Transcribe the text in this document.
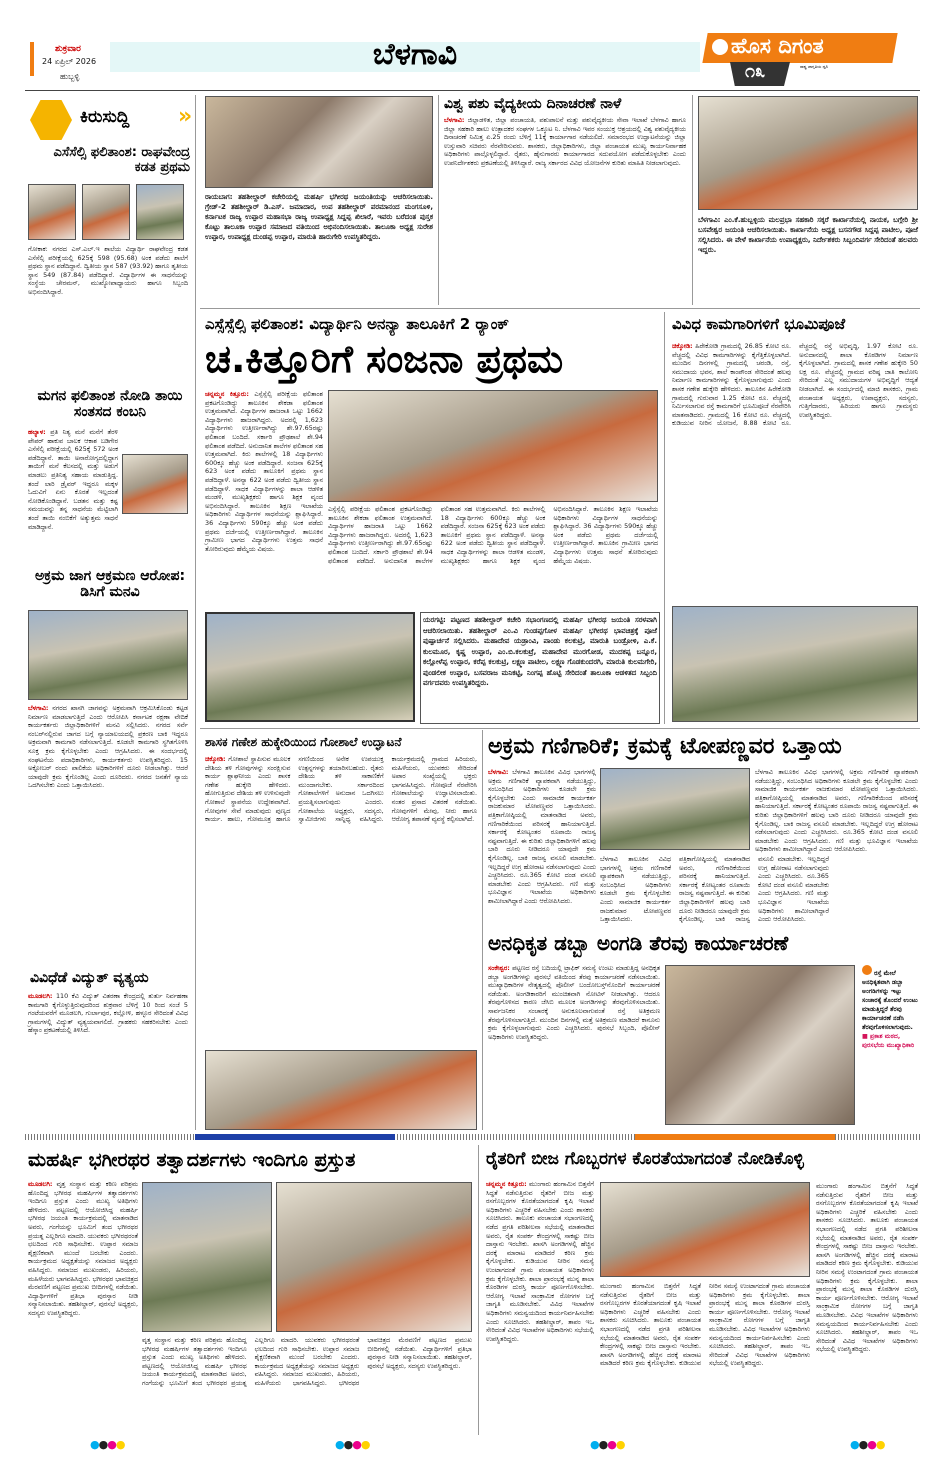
ಶುಕ್ರವಾರ
24 ಏಪ್ರಿಲ್ 2026
ಹುಬ್ಬಳ್ಳಿ
ಬೆಳಗಾವಿ	ಹೊಸ ದಿಗಂತ
ರಾಷ್ಟ್ರ ಜಾಗೃತಿಯ ಧ್ವನಿ
೧೩
ಕಿರುಸುದ್ದಿ »
ಎಸೆಸೆಲ್ಸಿ ಫಲಿತಾಂಶ: ರಾಘವೇಂದ್ರ ಕಡತ ಪ್ರಥಮ
ಗೋಕಾಕ: ನಗರದ ಎಸ್.ಎಲ್.ಇ ಶಾಲೆಯ ವಿದ್ಯಾರ್ಥಿ ರಾಘವೇಂದ್ರ ಕಡತ ಎಸೆಸೆಲ್ಸಿ ಪರೀಕ್ಷೆಯಲ್ಲಿ 625ಕ್ಕೆ 598 (95.68) ಅಂಕ ಪಡೆದು ಶಾಲೆಗೆ ಪ್ರಥಮ ಸ್ಥಾನ ಪಡೆದಿದ್ದಾನೆ. ದ್ವಿತೀಯ ಸ್ಥಾನ 587 (93.92) ಹಾಗೂ ತೃತೀಯ ಸ್ಥಾನ 549 (87.84) ಪಡೆದಿದ್ದಾರೆ. ವಿದ್ಯಾರ್ಥಿಗಳ ಈ ಸಾಧನೆಯನ್ನು ಸಂಸ್ಥೆಯ ಚೇರಮನ್, ಮುಖ್ಯೋಪಾಧ್ಯಾಯರು ಹಾಗೂ ಸಿಬ್ಬಂದಿ ಅಭಿನಂದಿಸಿದ್ದಾರೆ.
ಮಗನ ಫಲಿತಾಂಶ ನೋಡಿ ತಾಯಿ ಸಂತಸದ ಕಂಬನಿ
ಹಲ್ಯಾಳ: ಪ್ರತಿ ನಿತ್ಯ ಮನೆ ಮನೆಗೆ ತೆರಳಿ ಪೇಪರ್ ಹಾಕುವ ಬಾಲಕ ಆಕಾಶ ಬಡಿಗೇರ ಎಸೆಸೆಲ್ಸಿ ಪರೀಕ್ಷೆಯಲ್ಲಿ 625ಕ್ಕೆ 572 ಅಂಕ ಪಡೆದಿದ್ದಾನೆ. ತಾಯಿ ಅನಾರೋಗ್ಯದಲ್ಲಿದ್ದಾಗ ತಾಯಿಗೆ ಮನೆ ಕೆಲಸದಲ್ಲಿ ಮತ್ತು ಅಡುಗೆ ಮಾಡಲು ಪ್ರತಿನಿತ್ಯ ಸಹಾಯ ಮಾಡುತ್ತಿದ್ದ. ತಂದೆ ಲಾರಿ ಡ್ರೈವರ್ ಇದ್ದರೂ ಮಕ್ಕಳ ಓದುವಿಗೆ ಏನು ಕೊರತೆ ಇಲ್ಲದಂತೆ ನೋಡಿಕೊಂಡಿದ್ದಾನೆ. ಬಡತನ ಮತ್ತು ಕಷ್ಟ ಸಮಯವನ್ನು ತನ್ನ ಸಾಧನೆಯ ಮೆಟ್ಟಿಲಾಗಿ ತಂದೆ ತಾಯಿ ನಂಬಿಕೆಗೆ ಅತ್ಯುತ್ತಮ ಸಾಧನೆ ಮಾಡಿದ್ದಾನೆ.
ಅಕ್ರಮ ಜಾಗ ಆಕ್ರಮಣ ಆರೋಪ: ಡಿಸಿಗೆ ಮನವಿ
ಬೆಳಗಾವಿ: ನಗರದ ಖಾಸಗಿ ಜಾಗವನ್ನು ಅಕ್ರಮವಾಗಿ ಆಕ್ರಮಿಸಿಕೊಂಡು ಕಟ್ಟಡ ನಿರ್ಮಾಣ ಮಾಡಲಾಗುತ್ತಿದೆ ಎಂದು ಆರೋಪಿಸಿ ಕರ್ನಾಟಕ ರಕ್ಷಣಾ ವೇದಿಕೆ ಕಾರ್ಯಕರ್ತರು ಜಿಲ್ಲಾಧಿಕಾರಿಗಳಿಗೆ ಮನವಿ ಸಲ್ಲಿಸಿದರು. ನಗರದ ಸರ್ವೆ ನಂಬರ್‌ನಲ್ಲಿರುವ ಜಾಗದ ಬಗ್ಗೆ ನ್ಯಾಯಾಲಯದಲ್ಲಿ ಪ್ರಕರಣ ಬಾಕಿ ಇದ್ದರೂ ಅಕ್ರಮವಾಗಿ ಕಾಮಗಾರಿ ನಡೆಸಲಾಗುತ್ತಿದೆ. ಕೂಡಲೇ ಕಾಮಗಾರಿ ಸ್ಥಗಿತಗೊಳಿಸಿ ಸೂಕ್ತ ಕ್ರಮ ಕೈಗೊಳ್ಳಬೇಕು ಎಂದು ಆಗ್ರಹಿಸಿದರು. ಈ ಸಂದರ್ಭದಲ್ಲಿ ಸಂಘಟನೆಯ ಪದಾಧಿಕಾರಿಗಳು, ಕಾರ್ಯಕರ್ತರು ಉಪಸ್ಥಿತರಿದ್ದರು. 15 ಅಕ್ಟೋಬರ್ ರಂದು ಪಾಲಿಕೆಯ ಅಧಿಕಾರಿಗಳಿಗೆ ದೂರು ನೀಡಲಾಗಿತ್ತು. ಆದರೆ ಯಾವುದೇ ಕ್ರಮ ಕೈಗೊಂಡಿಲ್ಲ ಎಂದು ದೂರಿದರು. ನಗರದ ಜನತೆಗೆ ನ್ಯಾಯ ಒದಗಿಸಬೇಕು ಎಂದು ಒತ್ತಾಯಿಸಿದರು.
ವಿವಿಧೆಡೆ ವಿದ್ಯುತ್ ವ್ಯತ್ಯಯ
ಮೂಡಲಗಿ: 110 ಕೆವಿ ವಿದ್ಯುತ್ ವಿತರಣಾ ಕೇಂದ್ರದಲ್ಲಿ ತುರ್ತು ನಿರ್ವಹಣಾ ಕಾಮಗಾರಿ ಕೈಗೊಳ್ಳುತ್ತಿರುವುದರಿಂದ ಶುಕ್ರವಾರ ಬೆಳಿಗ್ಗೆ 10 ರಿಂದ ಸಂಜೆ 5 ಗಂಟೆಯವರೆಗೆ ಮೂಡಲಗಿ, ಗುರ್ಲಾಪುರ, ಕಲ್ಲೋಳಿ, ಹಳ್ಳೂರ ಸೇರಿದಂತೆ ವಿವಿಧ ಗ್ರಾಮಗಳಲ್ಲಿ ವಿದ್ಯುತ್ ವ್ಯತ್ಯಯವಾಗಲಿದೆ. ಗ್ರಾಹಕರು ಸಹಕರಿಸಬೇಕು ಎಂದು ಹೆಸ್ಕಾಂ ಪ್ರಕಟಣೆಯಲ್ಲಿ ತಿಳಿಸಿದೆ.
ರಾಯಬಾಗ: ತಹಶೀಲ್ದಾರ್ ಕಚೇರಿಯಲ್ಲಿ ಮಹರ್ಷಿ ಭಗೀರಥ ಜಯಂತಿಯನ್ನು ಆಚರಿಸಲಾಯಿತು. ಗ್ರೇಡ್-2 ತಹಶೀಲ್ದಾರ್ ಡಿ.ಎಸ್. ಜಮಾದಾರ, ಉಪ ತಹಶೀಲ್ದಾರ್ ಪರಮಾನಂದ ಮಂಗಸೂಳಿ, ಕರ್ನಾಟಕ ರಾಜ್ಯ ಉಪ್ಪಾರ ಮಹಾಸಭಾ ರಾಜ್ಯ ಉಪಾಧ್ಯಕ್ಷ ಸಿದ್ದಪ್ಪ ಖಿಲಾರೆ, ಇವರು ಬರೆದಂತ ಪುಸ್ತಕ ಕೊಟ್ಟು ತಾಲೂಕಾ ಉಪ್ಪಾರ ಸಮಾಜದ ವತಿಯಿಂದ ಅಭಿನಂದಿಸಲಾಯಿತು. ತಾಲೂಕಾ ಅಧ್ಯಕ್ಷ ಸುರೇಶ ಉಪ್ಪಾರ, ಉಪಾಧ್ಯಕ್ಷ ದುಂಡಪ್ಪ ಉಪ್ಪಾರ, ಮಾರುತಿ ಹಾರುಗೇರಿ ಉಪಸ್ಥಿತರಿದ್ದರು.
ವಿಶ್ವ ಪಶು ವೈದ್ಯಕೀಯ ದಿನಾಚರಣೆ ನಾಳೆ
ಬೆಳಗಾವಿ: ಜಿಲ್ಲಾಡಳಿತ, ಜಿಲ್ಲಾ ಪಂಚಾಯತಿ, ಪಶುಪಾಲನೆ ಮತ್ತು ಪಶುವೈದ್ಯಕೀಯ ಸೇವಾ ಇಲಾಖೆ ಬೆಳಗಾವಿ ಹಾಗೂ ಜಿಲ್ಲಾ ಸಹಕಾರಿ ಹಾಲು ಉತ್ಪಾದಕರ ಸಂಘಗಳ ಒಕ್ಕೂಟ ನಿ. ಬೆಳಗಾವಿ ಇವರ ಸಂಯುಕ್ತ ಆಶ್ರಯದಲ್ಲಿ ವಿಶ್ವ ಪಶುವೈದ್ಯಕೀಯ ದಿನಾಚರಣೆ ನಿಮಿತ್ತ ಏ.25 ರಂದು ಬೆಳಿಗ್ಗೆ 11ಕ್ಕೆ ಕಾರ್ಯಾಗಾರ ನಡೆಯಲಿದೆ. ಸಮಾರಂಭದ ಉದ್ಘಾಟನೆಯನ್ನು ಜಿಲ್ಲಾ ಉಸ್ತುವಾರಿ ಸಚಿವರು ನೆರವೇರಿಸುವರು. ಶಾಸಕರು, ಜಿಲ್ಲಾಧಿಕಾರಿಗಳು, ಜಿಲ್ಲಾ ಪಂಚಾಯತ ಮುಖ್ಯ ಕಾರ್ಯನಿರ್ವಾಹಕ ಅಧಿಕಾರಿಗಳು ಪಾಲ್ಗೊಳ್ಳಲಿದ್ದಾರೆ. ರೈತರು, ಹೈನುಗಾರರು ಕಾರ್ಯಾಗಾರದ ಸದುಪಯೋಗ ಪಡೆದುಕೊಳ್ಳಬೇಕು ಎಂದು ಉಪನಿರ್ದೇಶಕರು ಪ್ರಕಟಣೆಯಲ್ಲಿ ತಿಳಿಸಿದ್ದಾರೆ. ರಾಜ್ಯ ಸರ್ಕಾರದ ವಿವಿಧ ಯೋಜನೆಗಳ ಕುರಿತು ಮಾಹಿತಿ ನೀಡಲಾಗುವುದು.
ಬೆಳಗಾವಿ: ಎಂ.ಕೆ.ಹುಬ್ಬಳ್ಳಿಯ ಮಲಪ್ರಭಾ ಸಹಕಾರಿ ಸಕ್ಕರೆ ಕಾರ್ಖಾನೆಯಲ್ಲಿ ನಾಯಕ, ಬಗ್ಗೇರಿ ಶ್ರೀ ಬಸವೇಶ್ವರ ಜಯಂತಿ ಆಚರಿಸಲಾಯಿತು. ಕಾರ್ಖಾನೆಯ ಅಧ್ಯಕ್ಷ ಬಸನಗೌಡ ಸಿದ್ದಪ್ಪ ಪಾಟೀಲ, ಪೂಜೆ ಸಲ್ಲಿಸಿದರು. ಈ ವೇಳೆ ಕಾರ್ಖಾನೆಯ ಉಪಾಧ್ಯಕ್ಷರು, ನಿರ್ದೇಶಕರು ಸಿಬ್ಬಂದಿವರ್ಗ ಸೇರಿದಂತೆ ಹಲವರು ಇದ್ದರು.
ಎಸ್ಸೆಸ್ಸೆಲ್ಸಿ ಫಲಿತಾಂಶ: ವಿದ್ಯಾರ್ಥಿನಿ ಅನನ್ಯಾ ತಾಲೂಕಿಗೆ 2 ರ್‍ಯಾಂಕ್
ಚ.ಕಿತ್ತೂರಿಗೆ ಸಂಜನಾ ಪ್ರಥಮ
ಚನ್ನಮ್ಮನ ಕಿತ್ತೂರು: ಎಸ್ಸೆಸ್ಸೆಲ್ಸಿ ಪರೀಕ್ಷೆಯ ಫಲಿತಾಂಶ ಪ್ರಕಟಗೊಂಡಿದ್ದು ತಾಲೂಕಿನ ಶೇಕಡಾ ಫಲಿತಾಂಶ ಉತ್ತಮವಾಗಿದೆ. ವಿದ್ಯಾರ್ಥಿಗಳ ಹಾಜರಾತಿ ಒಟ್ಟು 1662 ವಿದ್ಯಾರ್ಥಿಗಳು ಹಾಜರಾಗಿದ್ದರು. ಅದರಲ್ಲಿ 1,623 ವಿದ್ಯಾರ್ಥಿಗಳು ಉತ್ತೀರ್ಣರಾಗಿದ್ದು ಶೇ.97.65ರಷ್ಟು ಫಲಿತಾಂಶ ಬಂದಿದೆ. ಸರ್ಕಾರಿ ಪ್ರೌಢಶಾಲೆ ಶೇ.94 ಫಲಿತಾಂಶ ಪಡೆದಿದೆ. ಅನುದಾನಿತ ಶಾಲೆಗಳ ಫಲಿತಾಂಶ ಸಹ ಉತ್ತಮವಾಗಿದೆ. ಕಿರು ಶಾಲೆಗಳಲ್ಲಿ 18 ವಿದ್ಯಾರ್ಥಿಗಳು 600ಕ್ಕೂ ಹೆಚ್ಚು ಅಂಕ ಪಡೆದಿದ್ದಾರೆ. ಸಂಜನಾ 625ಕ್ಕೆ 623 ಅಂಕ ಪಡೆದು ತಾಲೂಕಿಗೆ ಪ್ರಥಮ ಸ್ಥಾನ ಪಡೆದಿದ್ದಾಳೆ. ಅನನ್ಯಾ 622 ಅಂಕ ಪಡೆದು ದ್ವಿತೀಯ ಸ್ಥಾನ ಪಡೆದಿದ್ದಾಳೆ. ಸಾಧಕ ವಿದ್ಯಾರ್ಥಿಗಳನ್ನು ಶಾಲಾ ಆಡಳಿತ ಮಂಡಳಿ, ಮುಖ್ಯಶಿಕ್ಷಕರು ಹಾಗೂ ಶಿಕ್ಷಕ ವೃಂದ ಅಭಿನಂದಿಸಿದ್ದಾರೆ. ತಾಲೂಕಿನ ಶಿಕ್ಷಣ ಇಲಾಖೆಯ ಅಧಿಕಾರಿಗಳು ವಿದ್ಯಾರ್ಥಿಗಳ ಸಾಧನೆಯನ್ನು ಶ್ಲಾಘಿಸಿದ್ದಾರೆ. 36 ವಿದ್ಯಾರ್ಥಿಗಳು 590ಕ್ಕೂ ಹೆಚ್ಚು ಅಂಕ ಪಡೆದು ಪ್ರಥಮ ದರ್ಜೆಯಲ್ಲಿ ಉತ್ತೀರ್ಣರಾಗಿದ್ದಾರೆ. ತಾಲೂಕಿನ ಗ್ರಾಮೀಣ ಭಾಗದ ವಿದ್ಯಾರ್ಥಿಗಳು ಉತ್ತಮ ಸಾಧನೆ ತೋರಿರುವುದು ಹೆಮ್ಮೆಯ ವಿಷಯ.
ಎಸ್ಸೆಸ್ಸೆಲ್ಸಿ ಪರೀಕ್ಷೆಯ ಫಲಿತಾಂಶ ಪ್ರಕಟಗೊಂಡಿದ್ದು ತಾಲೂಕಿನ ಶೇಕಡಾ ಫಲಿತಾಂಶ ಉತ್ತಮವಾಗಿದೆ. ವಿದ್ಯಾರ್ಥಿಗಳ ಹಾಜರಾತಿ ಒಟ್ಟು 1662 ವಿದ್ಯಾರ್ಥಿಗಳು ಹಾಜರಾಗಿದ್ದರು. ಅದರಲ್ಲಿ 1,623 ವಿದ್ಯಾರ್ಥಿಗಳು ಉತ್ತೀರ್ಣರಾಗಿದ್ದು ಶೇ.97.65ರಷ್ಟು ಫಲಿತಾಂಶ ಬಂದಿದೆ. ಸರ್ಕಾರಿ ಪ್ರೌಢಶಾಲೆ ಶೇ.94 ಫಲಿತಾಂಶ ಪಡೆದಿದೆ. ಅನುದಾನಿತ ಶಾಲೆಗಳ ಫಲಿತಾಂಶ ಸಹ ಉತ್ತಮವಾಗಿದೆ. ಕಿರು ಶಾಲೆಗಳಲ್ಲಿ 18 ವಿದ್ಯಾರ್ಥಿಗಳು 600ಕ್ಕೂ ಹೆಚ್ಚು ಅಂಕ ಪಡೆದಿದ್ದಾರೆ. ಸಂಜನಾ 625ಕ್ಕೆ 623 ಅಂಕ ಪಡೆದು ತಾಲೂಕಿಗೆ ಪ್ರಥಮ ಸ್ಥಾನ ಪಡೆದಿದ್ದಾಳೆ. ಅನನ್ಯಾ 622 ಅಂಕ ಪಡೆದು ದ್ವಿತೀಯ ಸ್ಥಾನ ಪಡೆದಿದ್ದಾಳೆ. ಸಾಧಕ ವಿದ್ಯಾರ್ಥಿಗಳನ್ನು ಶಾಲಾ ಆಡಳಿತ ಮಂಡಳಿ, ಮುಖ್ಯಶಿಕ್ಷಕರು ಹಾಗೂ ಶಿಕ್ಷಕ ವೃಂದ ಅಭಿನಂದಿಸಿದ್ದಾರೆ. ತಾಲೂಕಿನ ಶಿಕ್ಷಣ ಇಲಾಖೆಯ ಅಧಿಕಾರಿಗಳು ವಿದ್ಯಾರ್ಥಿಗಳ ಸಾಧನೆಯನ್ನು ಶ್ಲಾಘಿಸಿದ್ದಾರೆ. 36 ವಿದ್ಯಾರ್ಥಿಗಳು 590ಕ್ಕೂ ಹೆಚ್ಚು ಅಂಕ ಪಡೆದು ಪ್ರಥಮ ದರ್ಜೆಯಲ್ಲಿ ಉತ್ತೀರ್ಣರಾಗಿದ್ದಾರೆ. ತಾಲೂಕಿನ ಗ್ರಾಮೀಣ ಭಾಗದ ವಿದ್ಯಾರ್ಥಿಗಳು ಉತ್ತಮ ಸಾಧನೆ ತೋರಿರುವುದು ಹೆಮ್ಮೆಯ ವಿಷಯ.
ಯರಗಟ್ಟಿ: ಪಟ್ಟಣದ ತಹಶೀಲ್ದಾರ್ ಕಚೇರಿ ಸಭಾಂಗಣದಲ್ಲಿ ಮಹರ್ಷಿ ಭಗೀರಥ ಜಯಂತಿ ಸರಳವಾಗಿ ಆಚರಿಸಲಾಯಿತು. ತಹಶೀಲ್ದಾರ್ ಎಂ.ವಿ ಗುಂಡಪ್ಪಗೋಳ ಮಹರ್ಷಿ ಭಗೀರಥ ಭಾವಚಿತ್ರಕ್ಕೆ ಪೂಜೆ ಪುಷ್ಪಾರ್ಚನೆ ಸಲ್ಲಿಸಿದರು. ಮಹಾದೇವ ಯಡ್ರಾಂವಿ, ಪಾಂಡು ಕಲಕುಟ್ರಿ, ಮಾರುತಿ ಬಂಡ್ರೋಳಿ, ಎ.ಕೆ. ಕುಲಮೂರ, ಕೃಷ್ಣ ಉಪ್ಪಾರ, ಎಂ.ಬಿ.ಕಲಕುಟ್ರೆ, ಮಹಾದೇವ ಮುರಗೋಡ, ಮುದಕಪ್ಪ ಬನ್ನೂರ, ಕಲ್ಲೋಳೆಪ್ಪ ಉಪ್ಪಾರ, ಕರೆಪ್ಪ ಕಲಕುಟ್ರಿ, ಲಕ್ಷ್ಮಣ ಪಾಟೀಲ, ಲಕ್ಷ್ಮಣ ಗೊಡಕುಂದರಗಿ, ಮಾರುತಿ ಕುಲಮಗೇರಿ, ಪುಂಡಲೀಕ ಉಪ್ಪಾರ, ಬಸವರಾಜ ಮನಿಕಟ್ಟಿ, ನಿಂಗಪ್ಪ ಹೊಟ್ಟಿ ಸೇರಿದಂತೆ ತಾಲೂಕಾ ಆಡಳಿತದ ಸಿಬ್ಬಂದಿ ವರ್ಗದವರು ಉಪಸ್ಥಿತರಿದ್ದರು.
ವಿವಿಧ ಕಾಮಗಾರಿಗಳಿಗೆ ಭೂಮಿಪೂಜೆ
ಚಿಕ್ಕೋಡಿ: ಹಿರೇಕೋಡಿ ಗ್ರಾಮದಲ್ಲಿ 26.85 ಕೋಟಿ ರೂ. ವೆಚ್ಚದಲ್ಲಿ ವಿವಿಧ ಕಾಮಗಾರಿಗಳನ್ನು ಕೈಗೆತ್ತಿಕೊಳ್ಳಲಾಗಿದೆ. ಮುಂದಿನ ದಿನಗಳಲ್ಲಿ ಗ್ರಾಮದಲ್ಲಿ ಚರಂಡಿ, ರಸ್ತೆ, ಸಮುದಾಯ ಭವನ, ಶಾಲೆ ಕಾಂಪೌಂಡ ಸೇರಿದಂತೆ ಹಲವು ನಿರ್ಮಾಣ ಕಾಮಗಾರಿಗಳನ್ನು ಕೈಗೊಳ್ಳಲಾಗುವುದು ಎಂದು ಶಾಸಕ ಗಣೇಶ ಹುಕ್ಕೇರಿ ಹೇಳಿದರು. ತಾಲೂಕಿನ ಹಿರೇಕೋಡಿ ಗ್ರಾಮದಲ್ಲಿ ಗುರುವಾರ 1.25 ಕೋಟಿ ರೂ. ವೆಚ್ಚದಲ್ಲಿ ನಿರ್ಮಿಸಲಾಗುವ ರಸ್ತೆ ಕಾಮಗಾರಿಗೆ ಭೂಮಿಪೂಜೆ ನೆರವೇರಿಸಿ ಮಾತನಾಡಿದರು. ಗ್ರಾಮದಲ್ಲಿ 16 ಕೋಟಿ ರೂ. ವೆಚ್ಚದಲ್ಲಿ ಕುಡಿಯುವ ನೀರಿನ ಯೋಜನೆ, 8.88 ಕೋಟಿ ರೂ. ವೆಚ್ಚದಲ್ಲಿ ರಸ್ತೆ ಅಭಿವೃದ್ಧಿ, 1.97 ಕೋಟಿ ರೂ. ಅನುದಾನದಲ್ಲಿ ಶಾಲಾ ಕೊಠಡಿಗಳ ನಿರ್ಮಾಣ ಕೈಗೊಳ್ಳಲಾಗಿದೆ. ಗ್ರಾಮದಲ್ಲಿ ಶಾಸಕ ಗಣೇಶ ಹುಕ್ಕೇರಿ 50 ಲಕ್ಷ ರೂ. ವೆಚ್ಚದಲ್ಲಿ ಗ್ರಾಮದ ವರಿಷ್ಠ ಜಾತಿ ಕಾಲೋನಿ ಸೇರಿದಂತೆ ಎಲ್ಲ ಸಮುದಾಯಗಳ ಅಭಿವೃದ್ಧಿಗೆ ಆದ್ಯತೆ ನೀಡಲಾಗಿದೆ. ಈ ಸಂದರ್ಭದಲ್ಲಿ ಮಾಜಿ ಶಾಸಕರು, ಗ್ರಾಮ ಪಂಚಾಯತ ಅಧ್ಯಕ್ಷರು, ಉಪಾಧ್ಯಕ್ಷರು, ಸದಸ್ಯರು, ಗುತ್ತಿಗೆದಾರರು, ಹಿರಿಯರು ಹಾಗೂ ಗ್ರಾಮಸ್ಥರು ಉಪಸ್ಥಿತರಿದ್ದರು.
ಶಾಸಕ ಗಣೇಶ ಹುಕ್ಕೇರಿಯಿಂದ ಗೋಶಾಲೆ ಉದ್ಘಾಟನೆ
ಚಿಕ್ಕೋಡಿ: ಗೋಶಾಲೆ ಸ್ಥಾಪಿಸುವ ಮೂಲಕ ದೇಶಿಯ ತಳಿ ಗೋವುಗಳನ್ನು ಸಂರಕ್ಷಿಸುವ ಕಾರ್ಯ ಶ್ಲಾಘನೀಯ ಎಂದು ಶಾಸಕ ಗಣೇಶ ಹುಕ್ಕೇರಿ ಹೇಳಿದರು. ಹೋಗುತ್ತಿರುವ ದೇಶಿಯ ತಳಿ ಉಳಿಸುವುದೇ ಗೋಶಾಲೆ ಸ್ಥಾಪನೆಯ ಉದ್ದೇಶವಾಗಿದೆ. ಗೋವುಗಳ ಸೇವೆ ಮಾಡುವುದು ಪುಣ್ಯದ ಕಾರ್ಯ. ಹಾಲು, ಗೋಮೂತ್ರ ಹಾಗೂ ಸಗಣಿಯಿಂದ ಅನೇಕ ಉಪಯುಕ್ತ ಉತ್ಪನ್ನಗಳನ್ನು ತಯಾರಿಸಬಹುದು. ರೈತರು ದೇಶಿಯ ತಳಿ ಸಾಕಾಣಿಕೆಗೆ ಮುಂದಾಗಬೇಕು. ಸರ್ಕಾರದಿಂದ ಗೋಶಾಲೆಗಳಿಗೆ ಅನುದಾನ ಒದಗಿಸಲು ಪ್ರಯತ್ನಿಸಲಾಗುವುದು ಎಂದರು. ಗೋಶಾಲೆಯ ಅಧ್ಯಕ್ಷರು, ಸದಸ್ಯರು, ಸ್ವಾಮೀಜಿಗಳು ಸಾನ್ನಿಧ್ಯ ವಹಿಸಿದ್ದರು. ಕಾರ್ಯಕ್ರಮದಲ್ಲಿ ಗ್ರಾಮದ ಹಿರಿಯರು, ಮಹಿಳೆಯರು, ಯುವಕರು ಸೇರಿದಂತೆ ಅಪಾರ ಸಂಖ್ಯೆಯಲ್ಲಿ ಭಕ್ತರು ಭಾಗವಹಿಸಿದ್ದರು. ಗೋಪೂಜೆ ನೆರವೇರಿಸಿ ಗೋಶಾಲೆಯನ್ನು ಉದ್ಘಾಟಿಸಲಾಯಿತು. ನಂತರ ಪ್ರಸಾದ ವಿತರಣೆ ನಡೆಯಿತು. ಗೋವುಗಳಿಗೆ ಮೇವು, ನೀರು ಹಾಗೂ ಆರೋಗ್ಯ ತಪಾಸಣೆ ವ್ಯವಸ್ಥೆ ಕಲ್ಪಿಸಲಾಗಿದೆ.
ಅಕ್ರಮ ಗಣಿಗಾರಿಕೆ; ಕ್ರಮಕ್ಕೆ ಟೋಪಣ್ಣವರ ಒತ್ತಾಯ
ಬೆಳಗಾವಿ: ಬೆಳಗಾವಿ ತಾಲೂಕಿನ ವಿವಿಧ ಭಾಗಗಳಲ್ಲಿ ಅಕ್ರಮ ಗಣಿಗಾರಿಕೆ ವ್ಯಾಪಕವಾಗಿ ನಡೆಯುತ್ತಿದ್ದು, ಸಂಬಂಧಿಸಿದ ಅಧಿಕಾರಿಗಳು ಕೂಡಲೇ ಕ್ರಮ ಕೈಗೊಳ್ಳಬೇಕು ಎಂದು ಸಾಮಾಜಿಕ ಕಾರ್ಯಕರ್ತ ರಾಜಕುಮಾರ ಟೋಪಣ್ಣವರ ಒತ್ತಾಯಿಸಿದರು. ಪತ್ರಿಕಾಗೋಷ್ಠಿಯಲ್ಲಿ ಮಾತನಾಡಿದ ಅವರು, ಗಣಿಗಾರಿಕೆಯಿಂದ ಪರಿಸರಕ್ಕೆ ಹಾನಿಯಾಗುತ್ತಿದೆ. ಸರ್ಕಾರಕ್ಕೆ ಕೋಟ್ಯಂತರ ರೂಪಾಯಿ ರಾಜಸ್ವ ನಷ್ಟವಾಗುತ್ತಿದೆ. ಈ ಕುರಿತು ಜಿಲ್ಲಾಧಿಕಾರಿಗಳಿಗೆ ಹಲವು ಬಾರಿ ದೂರು ನೀಡಿದರೂ ಯಾವುದೇ ಕ್ರಮ ಕೈಗೊಂಡಿಲ್ಲ. ಬಾಕಿ ರಾಜಸ್ವ ವಸೂಲಿ ಮಾಡಬೇಕು. ಇಲ್ಲದಿದ್ದರೆ ಉಗ್ರ ಹೋರಾಟ ನಡೆಸಲಾಗುವುದು ಎಂದು ಎಚ್ಚರಿಸಿದರು. ರೂ.365 ಕೋಟಿ ದಂಡ ವಸೂಲಿ ಮಾಡಬೇಕು ಎಂದು ಆಗ್ರಹಿಸಿದರು. ಗಣಿ ಮತ್ತು ಭೂವಿಜ್ಞಾನ ಇಲಾಖೆಯ ಅಧಿಕಾರಿಗಳು ಶಾಮೀಲಾಗಿದ್ದಾರೆ ಎಂದು ಆರೋಪಿಸಿದರು.
ಬೆಳಗಾವಿ ತಾಲೂಕಿನ ವಿವಿಧ ಭಾಗಗಳಲ್ಲಿ ಅಕ್ರಮ ಗಣಿಗಾರಿಕೆ ವ್ಯಾಪಕವಾಗಿ ನಡೆಯುತ್ತಿದ್ದು, ಸಂಬಂಧಿಸಿದ ಅಧಿಕಾರಿಗಳು ಕೂಡಲೇ ಕ್ರಮ ಕೈಗೊಳ್ಳಬೇಕು ಎಂದು ಸಾಮಾಜಿಕ ಕಾರ್ಯಕರ್ತ ರಾಜಕುಮಾರ ಟೋಪಣ್ಣವರ ಒತ್ತಾಯಿಸಿದರು. ಪತ್ರಿಕಾಗೋಷ್ಠಿಯಲ್ಲಿ ಮಾತನಾಡಿದ ಅವರು, ಗಣಿಗಾರಿಕೆಯಿಂದ ಪರಿಸರಕ್ಕೆ ಹಾನಿಯಾಗುತ್ತಿದೆ. ಸರ್ಕಾರಕ್ಕೆ ಕೋಟ್ಯಂತರ ರೂಪಾಯಿ ರಾಜಸ್ವ ನಷ್ಟವಾಗುತ್ತಿದೆ. ಈ ಕುರಿತು ಜಿಲ್ಲಾಧಿಕಾರಿಗಳಿಗೆ ಹಲವು ಬಾರಿ ದೂರು ನೀಡಿದರೂ ಯಾವುದೇ ಕ್ರಮ ಕೈಗೊಂಡಿಲ್ಲ. ಬಾಕಿ ರಾಜಸ್ವ ವಸೂಲಿ ಮಾಡಬೇಕು. ಇಲ್ಲದಿದ್ದರೆ ಉಗ್ರ ಹೋರಾಟ ನಡೆಸಲಾಗುವುದು ಎಂದು ಎಚ್ಚರಿಸಿದರು. ರೂ.365 ಕೋಟಿ ದಂಡ ವಸೂಲಿ ಮಾಡಬೇಕು ಎಂದು ಆಗ್ರಹಿಸಿದರು. ಗಣಿ ಮತ್ತು ಭೂವಿಜ್ಞಾನ ಇಲಾಖೆಯ ಅಧಿಕಾರಿಗಳು ಶಾಮೀಲಾಗಿದ್ದಾರೆ ಎಂದು ಆರೋಪಿಸಿದರು.
ಬೆಳಗಾವಿ ತಾಲೂಕಿನ ವಿವಿಧ ಭಾಗಗಳಲ್ಲಿ ಅಕ್ರಮ ಗಣಿಗಾರಿಕೆ ವ್ಯಾಪಕವಾಗಿ ನಡೆಯುತ್ತಿದ್ದು, ಸಂಬಂಧಿಸಿದ ಅಧಿಕಾರಿಗಳು ಕೂಡಲೇ ಕ್ರಮ ಕೈಗೊಳ್ಳಬೇಕು ಎಂದು ಸಾಮಾಜಿಕ ಕಾರ್ಯಕರ್ತ ರಾಜಕುಮಾರ ಟೋಪಣ್ಣವರ ಒತ್ತಾಯಿಸಿದರು. ಪತ್ರಿಕಾಗೋಷ್ಠಿಯಲ್ಲಿ ಮಾತನಾಡಿದ ಅವರು, ಗಣಿಗಾರಿಕೆಯಿಂದ ಪರಿಸರಕ್ಕೆ ಹಾನಿಯಾಗುತ್ತಿದೆ. ಸರ್ಕಾರಕ್ಕೆ ಕೋಟ್ಯಂತರ ರೂಪಾಯಿ ರಾಜಸ್ವ ನಷ್ಟವಾಗುತ್ತಿದೆ. ಈ ಕುರಿತು ಜಿಲ್ಲಾಧಿಕಾರಿಗಳಿಗೆ ಹಲವು ಬಾರಿ ದೂರು ನೀಡಿದರೂ ಯಾವುದೇ ಕ್ರಮ ಕೈಗೊಂಡಿಲ್ಲ. ಬಾಕಿ ರಾಜಸ್ವ ವಸೂಲಿ ಮಾಡಬೇಕು. ಇಲ್ಲದಿದ್ದರೆ ಉಗ್ರ ಹೋರಾಟ ನಡೆಸಲಾಗುವುದು ಎಂದು ಎಚ್ಚರಿಸಿದರು. ರೂ.365 ಕೋಟಿ ದಂಡ ವಸೂಲಿ ಮಾಡಬೇಕು ಎಂದು ಆಗ್ರಹಿಸಿದರು. ಗಣಿ ಮತ್ತು ಭೂವಿಜ್ಞಾನ ಇಲಾಖೆಯ ಅಧಿಕಾರಿಗಳು ಶಾಮೀಲಾಗಿದ್ದಾರೆ ಎಂದು ಆರೋಪಿಸಿದರು.
ಅನಧಿಕೃತ ಡಬ್ಬಾ ಅಂಗಡಿ ತೆರವು ಕಾರ್ಯಾಚರಣೆ
ಸಂಕೇಶ್ವರ: ಪಟ್ಟಣದ ರಸ್ತೆ ಬದಿಯಲ್ಲಿ ಟ್ರಾಫಿಕ್ ಸಮಸ್ಯೆ ಉಂಟು ಮಾಡುತ್ತಿದ್ದ ಅನಧಿಕೃತ ಡಬ್ಬಾ ಅಂಗಡಿಗಳನ್ನು ಪುರಸಭೆ ವತಿಯಿಂದ ತೆರವು ಕಾರ್ಯಾಚರಣೆ ನಡೆಸಲಾಯಿತು. ಮುಖ್ಯಾಧಿಕಾರಿಗಳ ನೇತೃತ್ವದಲ್ಲಿ ಪೊಲೀಸ್ ಬಂದೋಬಸ್ತ್‌ನೊಂದಿಗೆ ಕಾರ್ಯಾಚರಣೆ ನಡೆಯಿತು. ಅಂಗಡಿಕಾರರಿಗೆ ಮುಂಚಿತವಾಗಿ ನೋಟಿಸ್ ನೀಡಲಾಗಿತ್ತು. ಆದರೂ ತೆರವುಗೊಳಿಸದ ಕಾರಣ ಜೆಸಿಬಿ ಮೂಲಕ ಅಂಗಡಿಗಳನ್ನು ತೆರವುಗೊಳಿಸಲಾಯಿತು. ಸಾರ್ವಜನಿಕರ ಸಂಚಾರಕ್ಕೆ ಅನುಕೂಲವಾಗುವಂತೆ ರಸ್ತೆ ಅತಿಕ್ರಮಣ ತೆರವುಗೊಳಿಸಲಾಗುತ್ತಿದೆ. ಮುಂದಿನ ದಿನಗಳಲ್ಲಿ ಮತ್ತೆ ಅತಿಕ್ರಮಣ ಮಾಡಿದರೆ ಕಾನೂನು ಕ್ರಮ ಕೈಗೊಳ್ಳಲಾಗುವುದು ಎಂದು ಎಚ್ಚರಿಸಿದರು. ಪುರಸಭೆ ಸಿಬ್ಬಂದಿ, ಪೊಲೀಸ್ ಅಧಿಕಾರಿಗಳು ಉಪಸ್ಥಿತರಿದ್ದರು.
ರಸ್ತೆ ಮೇಲೆ ಅನಧಿಕೃತವಾಗಿ ಡಬ್ಬಾ ಅಂಗಡಿಗಳನ್ನು ಇಟ್ಟು ಸಂಚಾರಕ್ಕೆ ತೊಂದರೆ ಉಂಟು ಮಾಡುತ್ತಿದ್ದರೆ ತೆರವು ಕಾರ್ಯಾಚರಣೆ ನಡೆಸಿ ತೆರವುಗೊಳಿಸಲಾಗುವುದು.
■ ಪ್ರಕಾಶ ಮಠದ, ಪುರಸಭೆಯ ಮುಖ್ಯಾಧಿಕಾರಿ
ಮಹರ್ಷಿ ಭಗೀರಥರ ತತ್ವಾದರ್ಶಗಳು ಇಂದಿಗೂ ಪ್ರಸ್ತುತ
ಮೂಡಲಗಿ: ವೃತ್ತ ಸಂಸ್ಥಾನ ಮತ್ತು ಕಠಿಣ ಪರಿಶ್ರಮ ಹೊಂದಿದ್ದ ಭಗೀರಥ ಮಹರ್ಷಿಗಳ ತತ್ವಾದರ್ಶಗಳು ಇಂದಿಗೂ ಪ್ರಸ್ತುತ ಎಂದು ಮುಖ್ಯ ಅತಿಥಿಗಳು ಹೇಳಿದರು. ಪಟ್ಟಣದಲ್ಲಿ ಆಯೋಜಿಸಿದ್ದ ಮಹರ್ಷಿ ಭಗೀರಥ ಜಯಂತಿ ಕಾರ್ಯಕ್ರಮದಲ್ಲಿ ಮಾತನಾಡಿದ ಅವರು, ಗಂಗೆಯನ್ನು ಭೂಮಿಗೆ ತಂದ ಭಗೀರಥರ ಪ್ರಯತ್ನ ಎಲ್ಲರಿಗೂ ಮಾದರಿ. ಯುವಕರು ಭಗೀರಥರಂತೆ ಛಲದಿಂದ ಗುರಿ ಸಾಧಿಸಬೇಕು. ಉಪ್ಪಾರ ಸಮಾಜ ಶೈಕ್ಷಣಿಕವಾಗಿ ಮುಂದೆ ಬರಬೇಕು ಎಂದರು. ಕಾರ್ಯಕ್ರಮದ ಅಧ್ಯಕ್ಷತೆಯನ್ನು ಸಮಾಜದ ಅಧ್ಯಕ್ಷರು ವಹಿಸಿದ್ದರು. ಸಮಾಜದ ಮುಖಂಡರು, ಹಿರಿಯರು, ಮಹಿಳೆಯರು ಭಾಗವಹಿಸಿದ್ದರು. ಭಗೀರಥರ ಭಾವಚಿತ್ರದ ಮೆರವಣಿಗೆ ಪಟ್ಟಣದ ಪ್ರಮುಖ ಬೀದಿಗಳಲ್ಲಿ ನಡೆಯಿತು. ವಿದ್ಯಾರ್ಥಿಗಳಿಗೆ ಪ್ರತಿಭಾ ಪುರಸ್ಕಾರ ನೀಡಿ ಸನ್ಮಾನಿಸಲಾಯಿತು. ತಹಶೀಲ್ದಾರ್, ಪುರಸಭೆ ಅಧ್ಯಕ್ಷರು, ಸದಸ್ಯರು ಉಪಸ್ಥಿತರಿದ್ದರು.
ವೃತ್ತ ಸಂಸ್ಥಾನ ಮತ್ತು ಕಠಿಣ ಪರಿಶ್ರಮ ಹೊಂದಿದ್ದ ಭಗೀರಥ ಮಹರ್ಷಿಗಳ ತತ್ವಾದರ್ಶಗಳು ಇಂದಿಗೂ ಪ್ರಸ್ತುತ ಎಂದು ಮುಖ್ಯ ಅತಿಥಿಗಳು ಹೇಳಿದರು. ಪಟ್ಟಣದಲ್ಲಿ ಆಯೋಜಿಸಿದ್ದ ಮಹರ್ಷಿ ಭಗೀರಥ ಜಯಂತಿ ಕಾರ್ಯಕ್ರಮದಲ್ಲಿ ಮಾತನಾಡಿದ ಅವರು, ಗಂಗೆಯನ್ನು ಭೂಮಿಗೆ ತಂದ ಭಗೀರಥರ ಪ್ರಯತ್ನ ಎಲ್ಲರಿಗೂ ಮಾದರಿ. ಯುವಕರು ಭಗೀರಥರಂತೆ ಛಲದಿಂದ ಗುರಿ ಸಾಧಿಸಬೇಕು. ಉಪ್ಪಾರ ಸಮಾಜ ಶೈಕ್ಷಣಿಕವಾಗಿ ಮುಂದೆ ಬರಬೇಕು ಎಂದರು. ಕಾರ್ಯಕ್ರಮದ ಅಧ್ಯಕ್ಷತೆಯನ್ನು ಸಮಾಜದ ಅಧ್ಯಕ್ಷರು ವಹಿಸಿದ್ದರು. ಸಮಾಜದ ಮುಖಂಡರು, ಹಿರಿಯರು, ಮಹಿಳೆಯರು ಭಾಗವಹಿಸಿದ್ದರು. ಭಗೀರಥರ ಭಾವಚಿತ್ರದ ಮೆರವಣಿಗೆ ಪಟ್ಟಣದ ಪ್ರಮುಖ ಬೀದಿಗಳಲ್ಲಿ ನಡೆಯಿತು. ವಿದ್ಯಾರ್ಥಿಗಳಿಗೆ ಪ್ರತಿಭಾ ಪುರಸ್ಕಾರ ನೀಡಿ ಸನ್ಮಾನಿಸಲಾಯಿತು. ತಹಶೀಲ್ದಾರ್, ಪುರಸಭೆ ಅಧ್ಯಕ್ಷರು, ಸದಸ್ಯರು ಉಪಸ್ಥಿತರಿದ್ದರು.
ರೈತರಿಗೆ ಬೀಜ ಗೊಬ್ಬರಗಳ ಕೊರತೆಯಾಗದಂತೆ ನೋಡಿಕೊಳ್ಳಿ
ಚನ್ನಮ್ಮನ ಕಿತ್ತೂರು: ಮುಂಗಾರು ಹಂಗಾಮಿನ ಬಿತ್ತನೆಗೆ ಸಿದ್ಧತೆ ನಡೆಸುತ್ತಿರುವ ರೈತರಿಗೆ ಬೀಜ ಮತ್ತು ರಸಗೊಬ್ಬರಗಳ ಕೊರತೆಯಾಗದಂತೆ ಕೃಷಿ ಇಲಾಖೆ ಅಧಿಕಾರಿಗಳು ಎಚ್ಚರಿಕೆ ವಹಿಸಬೇಕು ಎಂದು ಶಾಸಕರು ಸೂಚಿಸಿದರು. ತಾಲೂಕು ಪಂಚಾಯತ ಸಭಾಂಗಣದಲ್ಲಿ ನಡೆದ ಪ್ರಗತಿ ಪರಿಶೀಲನಾ ಸಭೆಯಲ್ಲಿ ಮಾತನಾಡಿದ ಅವರು, ರೈತ ಸಂಪರ್ಕ ಕೇಂದ್ರಗಳಲ್ಲಿ ಸಾಕಷ್ಟು ಬೀಜ ದಾಸ್ತಾನು ಇರಬೇಕು. ಖಾಸಗಿ ಅಂಗಡಿಗಳಲ್ಲಿ ಹೆಚ್ಚಿನ ದರಕ್ಕೆ ಮಾರಾಟ ಮಾಡಿದರೆ ಕಠಿಣ ಕ್ರಮ ಕೈಗೊಳ್ಳಬೇಕು. ಕುಡಿಯುವ ನೀರಿನ ಸಮಸ್ಯೆ ಉಂಟಾಗದಂತೆ ಗ್ರಾಮ ಪಂಚಾಯತ ಅಧಿಕಾರಿಗಳು ಕ್ರಮ ಕೈಗೊಳ್ಳಬೇಕು. ಶಾಲಾ ಪ್ರಾರಂಭಕ್ಕೆ ಮುನ್ನ ಶಾಲಾ ಕೊಠಡಿಗಳ ದುರಸ್ತಿ ಕಾರ್ಯ ಪೂರ್ಣಗೊಳಿಸಬೇಕು. ಆರೋಗ್ಯ ಇಲಾಖೆ ಸಾಂಕ್ರಾಮಿಕ ರೋಗಗಳ ಬಗ್ಗೆ ಜಾಗೃತಿ ಮೂಡಿಸಬೇಕು. ವಿವಿಧ ಇಲಾಖೆಗಳ ಅಧಿಕಾರಿಗಳು ಸಮನ್ವಯದಿಂದ ಕಾರ್ಯನಿರ್ವಹಿಸಬೇಕು ಎಂದು ಸೂಚಿಸಿದರು. ತಹಶೀಲ್ದಾರ್, ತಾಪಂ ಇಒ ಸೇರಿದಂತೆ ವಿವಿಧ ಇಲಾಖೆಗಳ ಅಧಿಕಾರಿಗಳು ಸಭೆಯಲ್ಲಿ ಉಪಸ್ಥಿತರಿದ್ದರು.
ಮುಂಗಾರು ಹಂಗಾಮಿನ ಬಿತ್ತನೆಗೆ ಸಿದ್ಧತೆ ನಡೆಸುತ್ತಿರುವ ರೈತರಿಗೆ ಬೀಜ ಮತ್ತು ರಸಗೊಬ್ಬರಗಳ ಕೊರತೆಯಾಗದಂತೆ ಕೃಷಿ ಇಲಾಖೆ ಅಧಿಕಾರಿಗಳು ಎಚ್ಚರಿಕೆ ವಹಿಸಬೇಕು ಎಂದು ಶಾಸಕರು ಸೂಚಿಸಿದರು. ತಾಲೂಕು ಪಂಚಾಯತ ಸಭಾಂಗಣದಲ್ಲಿ ನಡೆದ ಪ್ರಗತಿ ಪರಿಶೀಲನಾ ಸಭೆಯಲ್ಲಿ ಮಾತನಾಡಿದ ಅವರು, ರೈತ ಸಂಪರ್ಕ ಕೇಂದ್ರಗಳಲ್ಲಿ ಸಾಕಷ್ಟು ಬೀಜ ದಾಸ್ತಾನು ಇರಬೇಕು. ಖಾಸಗಿ ಅಂಗಡಿಗಳಲ್ಲಿ ಹೆಚ್ಚಿನ ದರಕ್ಕೆ ಮಾರಾಟ ಮಾಡಿದರೆ ಕಠಿಣ ಕ್ರಮ ಕೈಗೊಳ್ಳಬೇಕು. ಕುಡಿಯುವ ನೀರಿನ ಸಮಸ್ಯೆ ಉಂಟಾಗದಂತೆ ಗ್ರಾಮ ಪಂಚಾಯತ ಅಧಿಕಾರಿಗಳು ಕ್ರಮ ಕೈಗೊಳ್ಳಬೇಕು. ಶಾಲಾ ಪ್ರಾರಂಭಕ್ಕೆ ಮುನ್ನ ಶಾಲಾ ಕೊಠಡಿಗಳ ದುರಸ್ತಿ ಕಾರ್ಯ ಪೂರ್ಣಗೊಳಿಸಬೇಕು. ಆರೋಗ್ಯ ಇಲಾಖೆ ಸಾಂಕ್ರಾಮಿಕ ರೋಗಗಳ ಬಗ್ಗೆ ಜಾಗೃತಿ ಮೂಡಿಸಬೇಕು. ವಿವಿಧ ಇಲಾಖೆಗಳ ಅಧಿಕಾರಿಗಳು ಸಮನ್ವಯದಿಂದ ಕಾರ್ಯನಿರ್ವಹಿಸಬೇಕು ಎಂದು ಸೂಚಿಸಿದರು. ತಹಶೀಲ್ದಾರ್, ತಾಪಂ ಇಒ ಸೇರಿದಂತೆ ವಿವಿಧ ಇಲಾಖೆಗಳ ಅಧಿಕಾರಿಗಳು ಸಭೆಯಲ್ಲಿ ಉಪಸ್ಥಿತರಿದ್ದರು.
ಮುಂಗಾರು ಹಂಗಾಮಿನ ಬಿತ್ತನೆಗೆ ಸಿದ್ಧತೆ ನಡೆಸುತ್ತಿರುವ ರೈತರಿಗೆ ಬೀಜ ಮತ್ತು ರಸಗೊಬ್ಬರಗಳ ಕೊರತೆಯಾಗದಂತೆ ಕೃಷಿ ಇಲಾಖೆ ಅಧಿಕಾರಿಗಳು ಎಚ್ಚರಿಕೆ ವಹಿಸಬೇಕು ಎಂದು ಶಾಸಕರು ಸೂಚಿಸಿದರು. ತಾಲೂಕು ಪಂಚಾಯತ ಸಭಾಂಗಣದಲ್ಲಿ ನಡೆದ ಪ್ರಗತಿ ಪರಿಶೀಲನಾ ಸಭೆಯಲ್ಲಿ ಮಾತನಾಡಿದ ಅವರು, ರೈತ ಸಂಪರ್ಕ ಕೇಂದ್ರಗಳಲ್ಲಿ ಸಾಕಷ್ಟು ಬೀಜ ದಾಸ್ತಾನು ಇರಬೇಕು. ಖಾಸಗಿ ಅಂಗಡಿಗಳಲ್ಲಿ ಹೆಚ್ಚಿನ ದರಕ್ಕೆ ಮಾರಾಟ ಮಾಡಿದರೆ ಕಠಿಣ ಕ್ರಮ ಕೈಗೊಳ್ಳಬೇಕು. ಕುಡಿಯುವ ನೀರಿನ ಸಮಸ್ಯೆ ಉಂಟಾಗದಂತೆ ಗ್ರಾಮ ಪಂಚಾಯತ ಅಧಿಕಾರಿಗಳು ಕ್ರಮ ಕೈಗೊಳ್ಳಬೇಕು. ಶಾಲಾ ಪ್ರಾರಂಭಕ್ಕೆ ಮುನ್ನ ಶಾಲಾ ಕೊಠಡಿಗಳ ದುರಸ್ತಿ ಕಾರ್ಯ ಪೂರ್ಣಗೊಳಿಸಬೇಕು. ಆರೋಗ್ಯ ಇಲಾಖೆ ಸಾಂಕ್ರಾಮಿಕ ರೋಗಗಳ ಬಗ್ಗೆ ಜಾಗೃತಿ ಮೂಡಿಸಬೇಕು. ವಿವಿಧ ಇಲಾಖೆಗಳ ಅಧಿಕಾರಿಗಳು ಸಮನ್ವಯದಿಂದ ಕಾರ್ಯನಿರ್ವಹಿಸಬೇಕು ಎಂದು ಸೂಚಿಸಿದರು. ತಹಶೀಲ್ದಾರ್, ತಾಪಂ ಇಒ ಸೇರಿದಂತೆ ವಿವಿಧ ಇಲಾಖೆಗಳ ಅಧಿಕಾರಿಗಳು ಸಭೆಯಲ್ಲಿ ಉಪಸ್ಥಿತರಿದ್ದರು.
●●●●	●●●●	●●●●	●●●●
